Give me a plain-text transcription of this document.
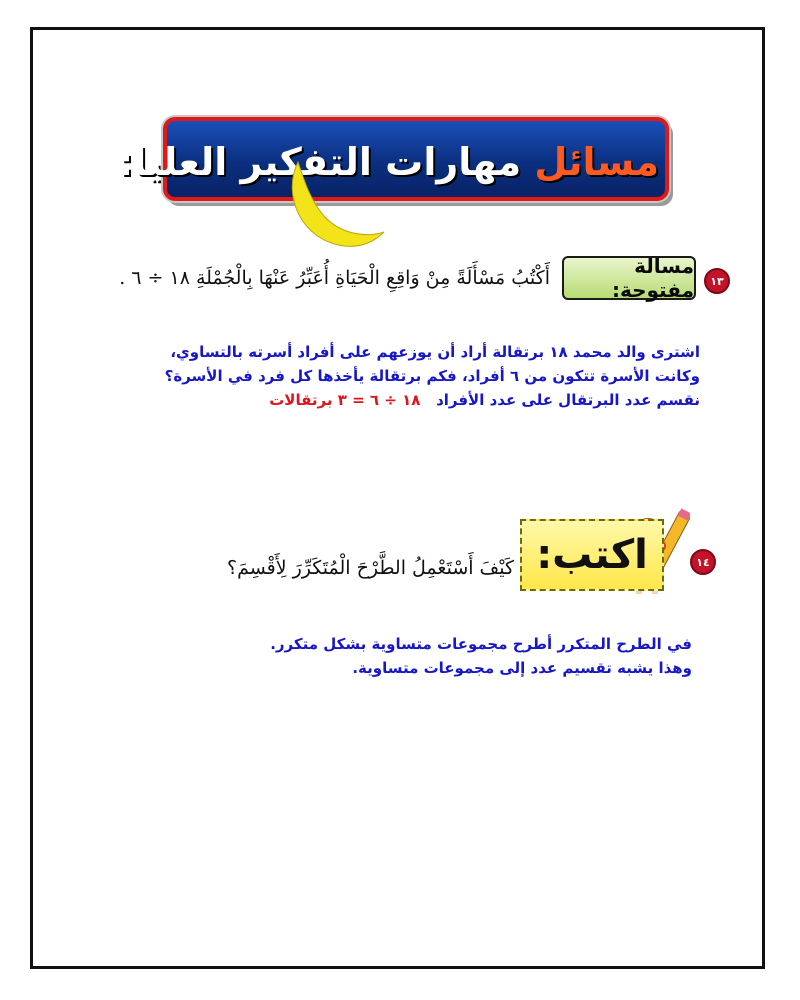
مسائل مهارات التفكير العليا:
١٣
مسالة مفتوحة:
أَكْتُبُ مَسْأَلَةً مِنْ وَاقِعِ الْحَيَاةِ أُعَبِّرُ عَنْهَا بِالْجُمْلَةِ ١٨ ÷ ٦ .
اشترى والد محمد ١٨ برتقالة أراد أن يوزعهم على أفراد أسرته بالتساوي،
وكانت الأسرة تتكون من ٦ أفراد، فكم برتقالة يأخذها كل فرد في الأسرة؟
نقسم عدد البرتقال على عدد الأفراد   ١٨ ÷ ٦ = ٣ برتقالات
١٤
اكتب:
كَيْفَ أَسْتَعْمِلُ الطَّرْحَ الْمُتَكَرِّرَ لِأَقْسِمَ؟
في الطرح المتكرر أطرح مجموعات متساوية بشكل متكرر.
وهذا يشبه تقسيم عدد إلى مجموعات متساوية.
